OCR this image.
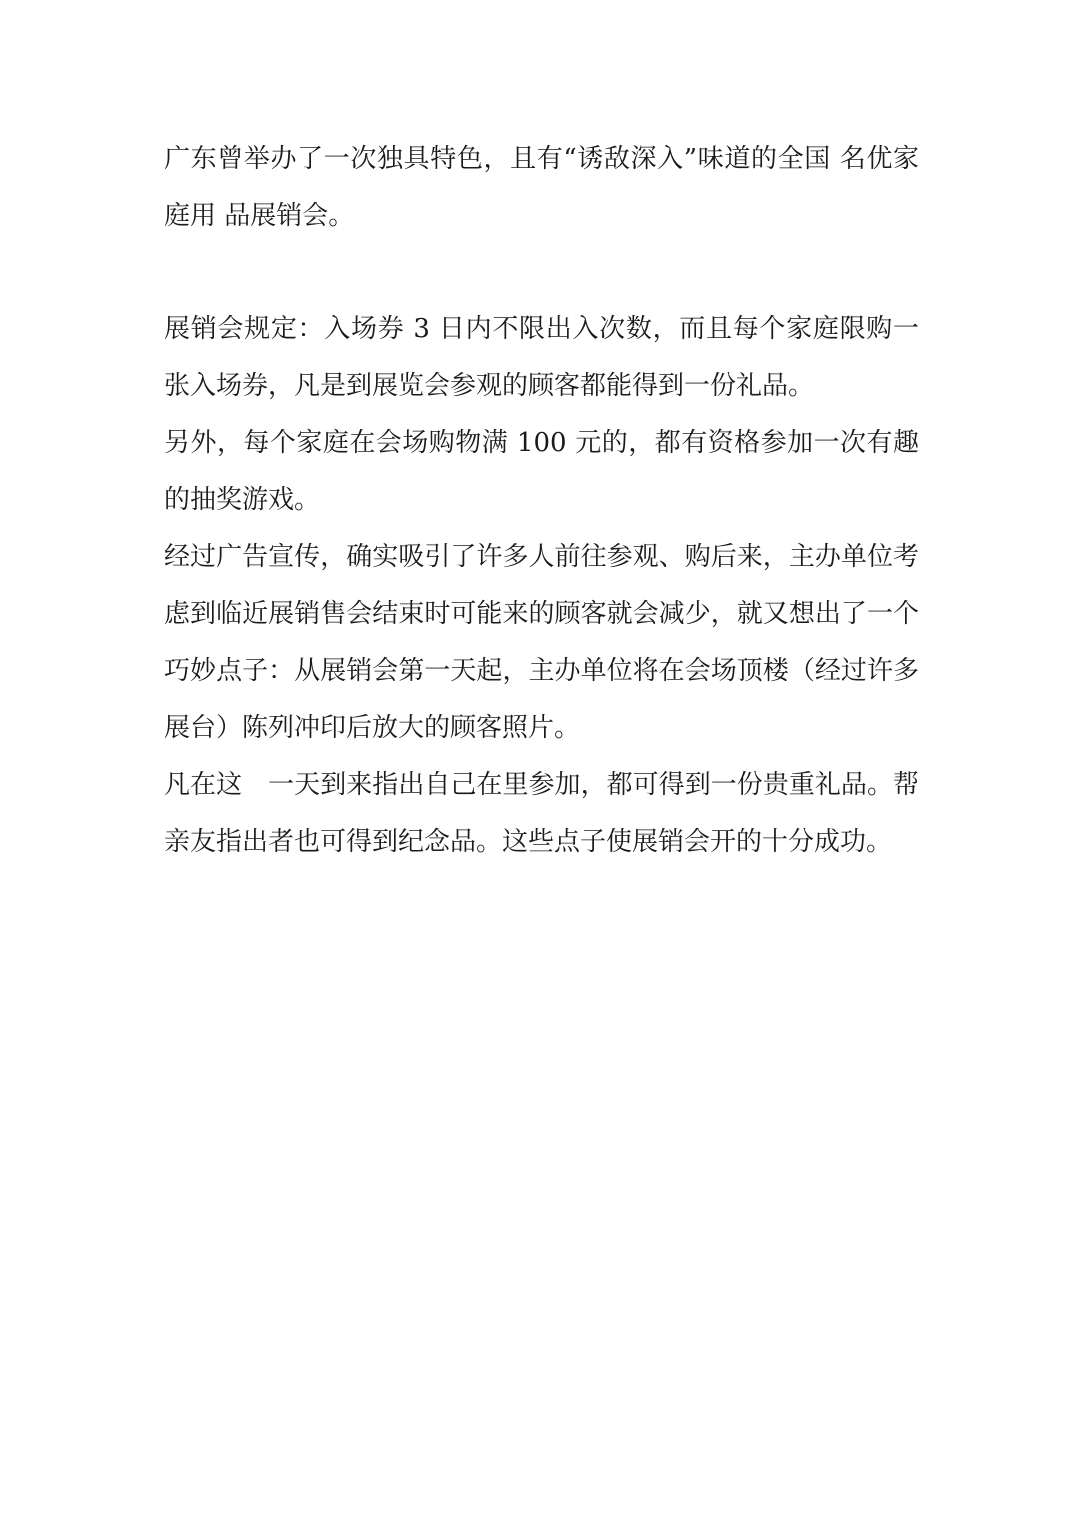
广东曾举办了一次独具特色，且有“诱敌深入”味道的全国 名优家庭用 品展销会。

展销会规定：入场券 3 日内不限出入次数，而且每个家庭限购一张入场券，凡是到展览会参观的顾客都能得到一份礼品。

另外，每个家庭在会场购物满 100 元的，都有资格参加一次有趣的抽奖游戏。

经过广告宣传，确实吸引了许多人前往参观、购后来，主办单位考虑到临近展销售会结束时可能来的顾客就会减少，就又想出了一个巧妙点子：从展销会第一天起，主办单位将在会场顶楼（经过许多展台）陈列冲印后放大的顾客照片。

凡在这　一天到来指出自己在里参加，都可得到一份贵重礼品。帮亲友指出者也可得到纪念品。这些点子使展销会开的十分成功。
